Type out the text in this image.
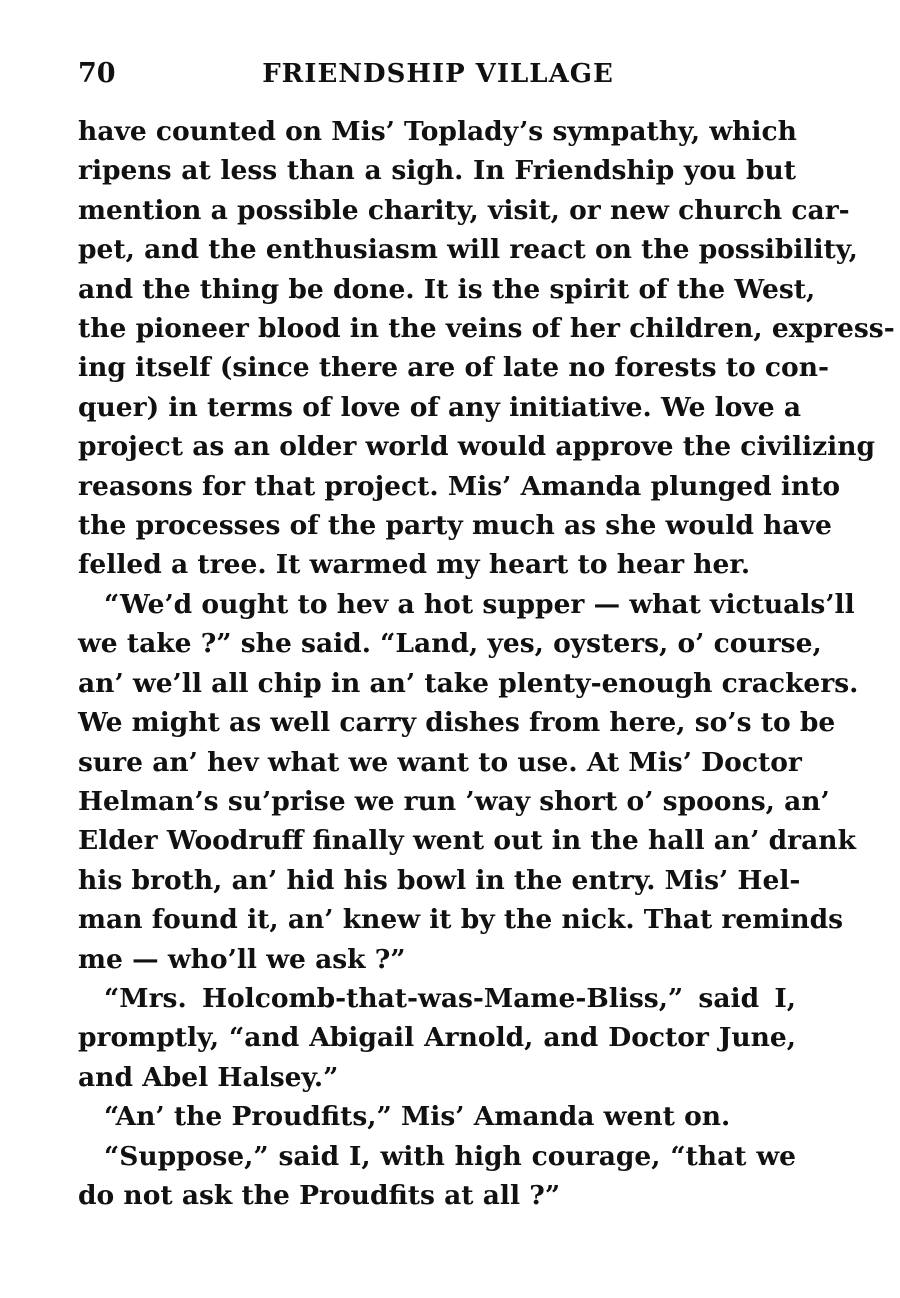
70	FRIENDSHIP VILLAGE
have counted on Mis’ Toplady’s sympathy, which
ripens at less than a sigh. In Friendship you but
mention a possible charity, visit, or new church car-
pet, and the enthusiasm will react on the possibility,
and the thing be done. It is the spirit of the West,
the pioneer blood in the veins of her children, express-
ing itself (since there are of late no forests to con-
quer) in terms of love of any initiative. We love a
project as an older world would approve the civilizing
reasons for that project. Mis’ Amanda plunged into
the processes of the party much as she would have
felled a tree. It warmed my heart to hear her.
“We’d ought to hev a hot supper — what victuals’ll
we take ?” she said. “Land, yes, oysters, o’ course,
an’ we’ll all chip in an’ take plenty-enough crackers.
We might as well carry dishes from here, so’s to be
sure an’ hev what we want to use. At Mis’ Doctor
Helman’s su’prise we run ’way short o’ spoons, an’
Elder Woodruff finally went out in the hall an’ drank
his broth, an’ hid his bowl in the entry. Mis’ Hel-
man found it, an’ knew it by the nick. That reminds
me — who’ll we ask ?”
“Mrs. Holcomb-that-was-Mame-Bliss,” said I,
promptly, “and Abigail Arnold, and Doctor June,
and Abel Halsey.”
“An’ the Proudfits,” Mis’ Amanda went on.
“Suppose,” said I, with high courage, “that we
do not ask the Proudfits at all ?”
